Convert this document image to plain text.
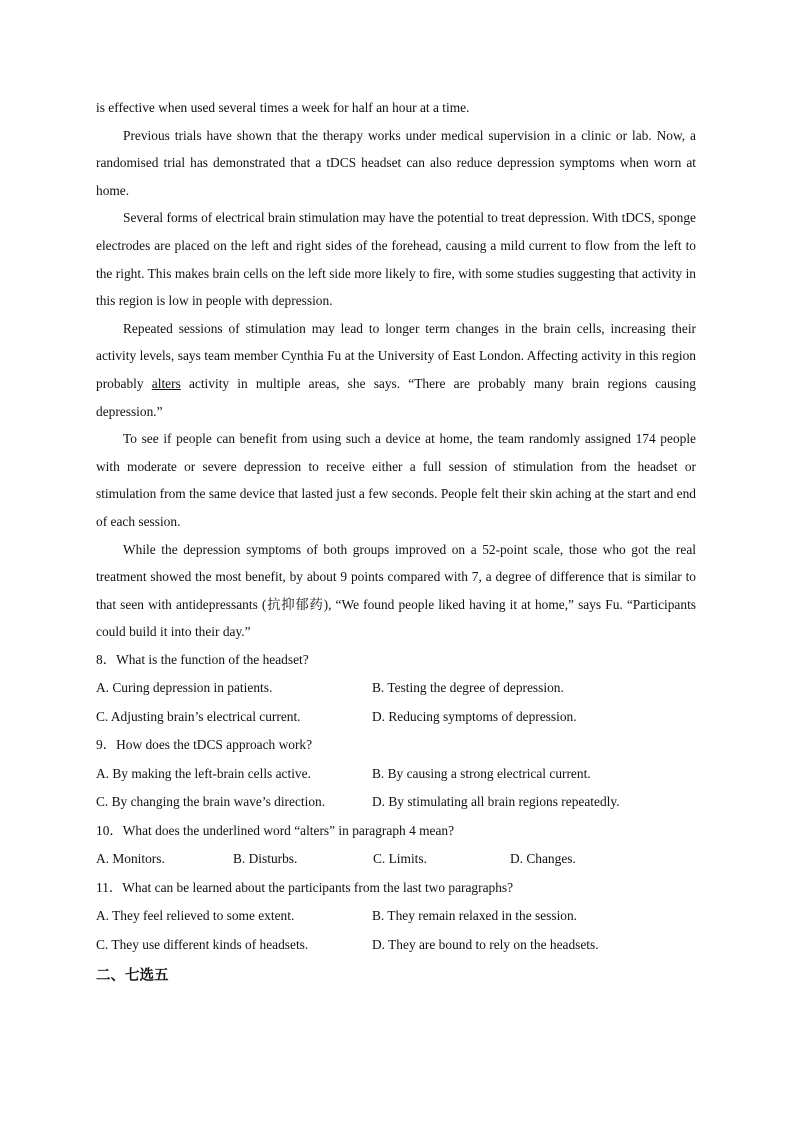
is effective when used several times a week for half an hour at a time.

Previous trials have shown that the therapy works under medical supervision in a clinic or lab. Now, a randomised trial has demonstrated that a tDCS headset can also reduce depression symptoms when worn at home.

Several forms of electrical brain stimulation may have the potential to treat depression. With tDCS, sponge electrodes are placed on the left and right sides of the forehead, causing a mild current to flow from the left to the right. This makes brain cells on the left side more likely to fire, with some studies suggesting that activity in this region is low in people with depression.

Repeated sessions of stimulation may lead to longer term changes in the brain cells, increasing their activity levels, says team member Cynthia Fu at the University of East London. Affecting activity in this region probably alters activity in multiple areas, she says. “There are probably many brain regions causing depression.”

To see if people can benefit from using such a device at home, the team randomly assigned 174 people with moderate or severe depression to receive either a full session of stimulation from the headset or stimulation from the same device that lasted just a few seconds. People felt their skin aching at the start and end of each session.

While the depression symptoms of both groups improved on a 52-point scale, those who got the real treatment showed the most benefit, by about 9 points compared with 7, a degree of difference that is similar to that seen with antidepressants (抗抑郁药), “We found people liked having it at home,” says Fu. “Participants could build it into their day.”

8．What is the function of the headset?

A. Curing depression in patients.	B. Testing the degree of depression.
C. Adjusting brain’s electrical current.	D. Reducing symptoms of depression.

9．How does the tDCS approach work?

A. By making the left-brain cells active.	B. By causing a strong electrical current.
C. By changing the brain wave’s direction.	D. By stimulating all brain regions repeatedly.

10．What does the underlined word “alters” in paragraph 4 mean?

A. Monitors.	B. Disturbs.	C. Limits.	D. Changes.

11．What can be learned about the participants from the last two paragraphs?

A. They feel relieved to some extent.	B. They remain relaxed in the session.
C. They use different kinds of headsets.	D. They are bound to rely on the headsets.
二、七选五
